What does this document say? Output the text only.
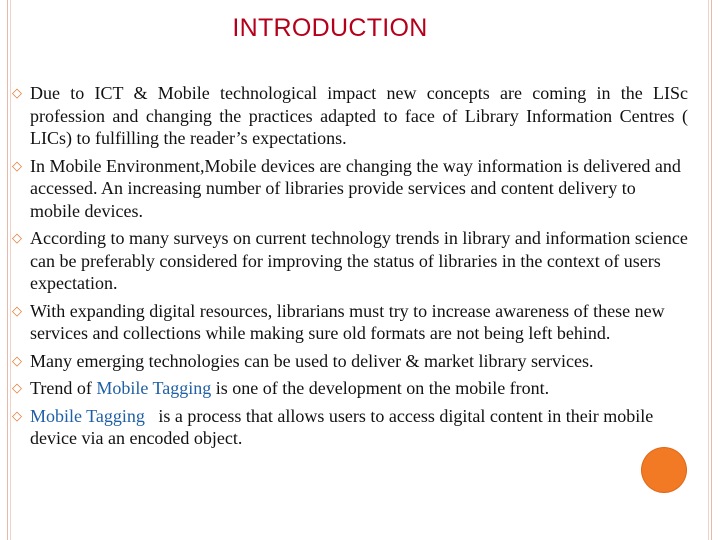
INTRODUCTION
◇ Due to ICT & Mobile technological impact new concepts are coming in the LISc profession and changing the practices adapted to face of Library Information Centres ( LICs) to fulfilling the reader’s expectations.
◇ In Mobile Environment,Mobile devices are changing the way information is delivered and accessed. An increasing number of libraries provide services and content delivery to mobile devices.
◇ According to many surveys on current technology trends in library and information science can be preferably considered for improving the status of libraries in the context of users expectation.
◇ With expanding digital resources, librarians must try to increase awareness of these new services and collections while making sure old formats are not being left behind.
◇ Many emerging technologies can be used to deliver & market library services.
◇ Trend of Mobile Tagging is one of the development on the mobile front.
◇ Mobile Tagging   is a process that allows users to access digital content in their mobile device via an encoded object.
